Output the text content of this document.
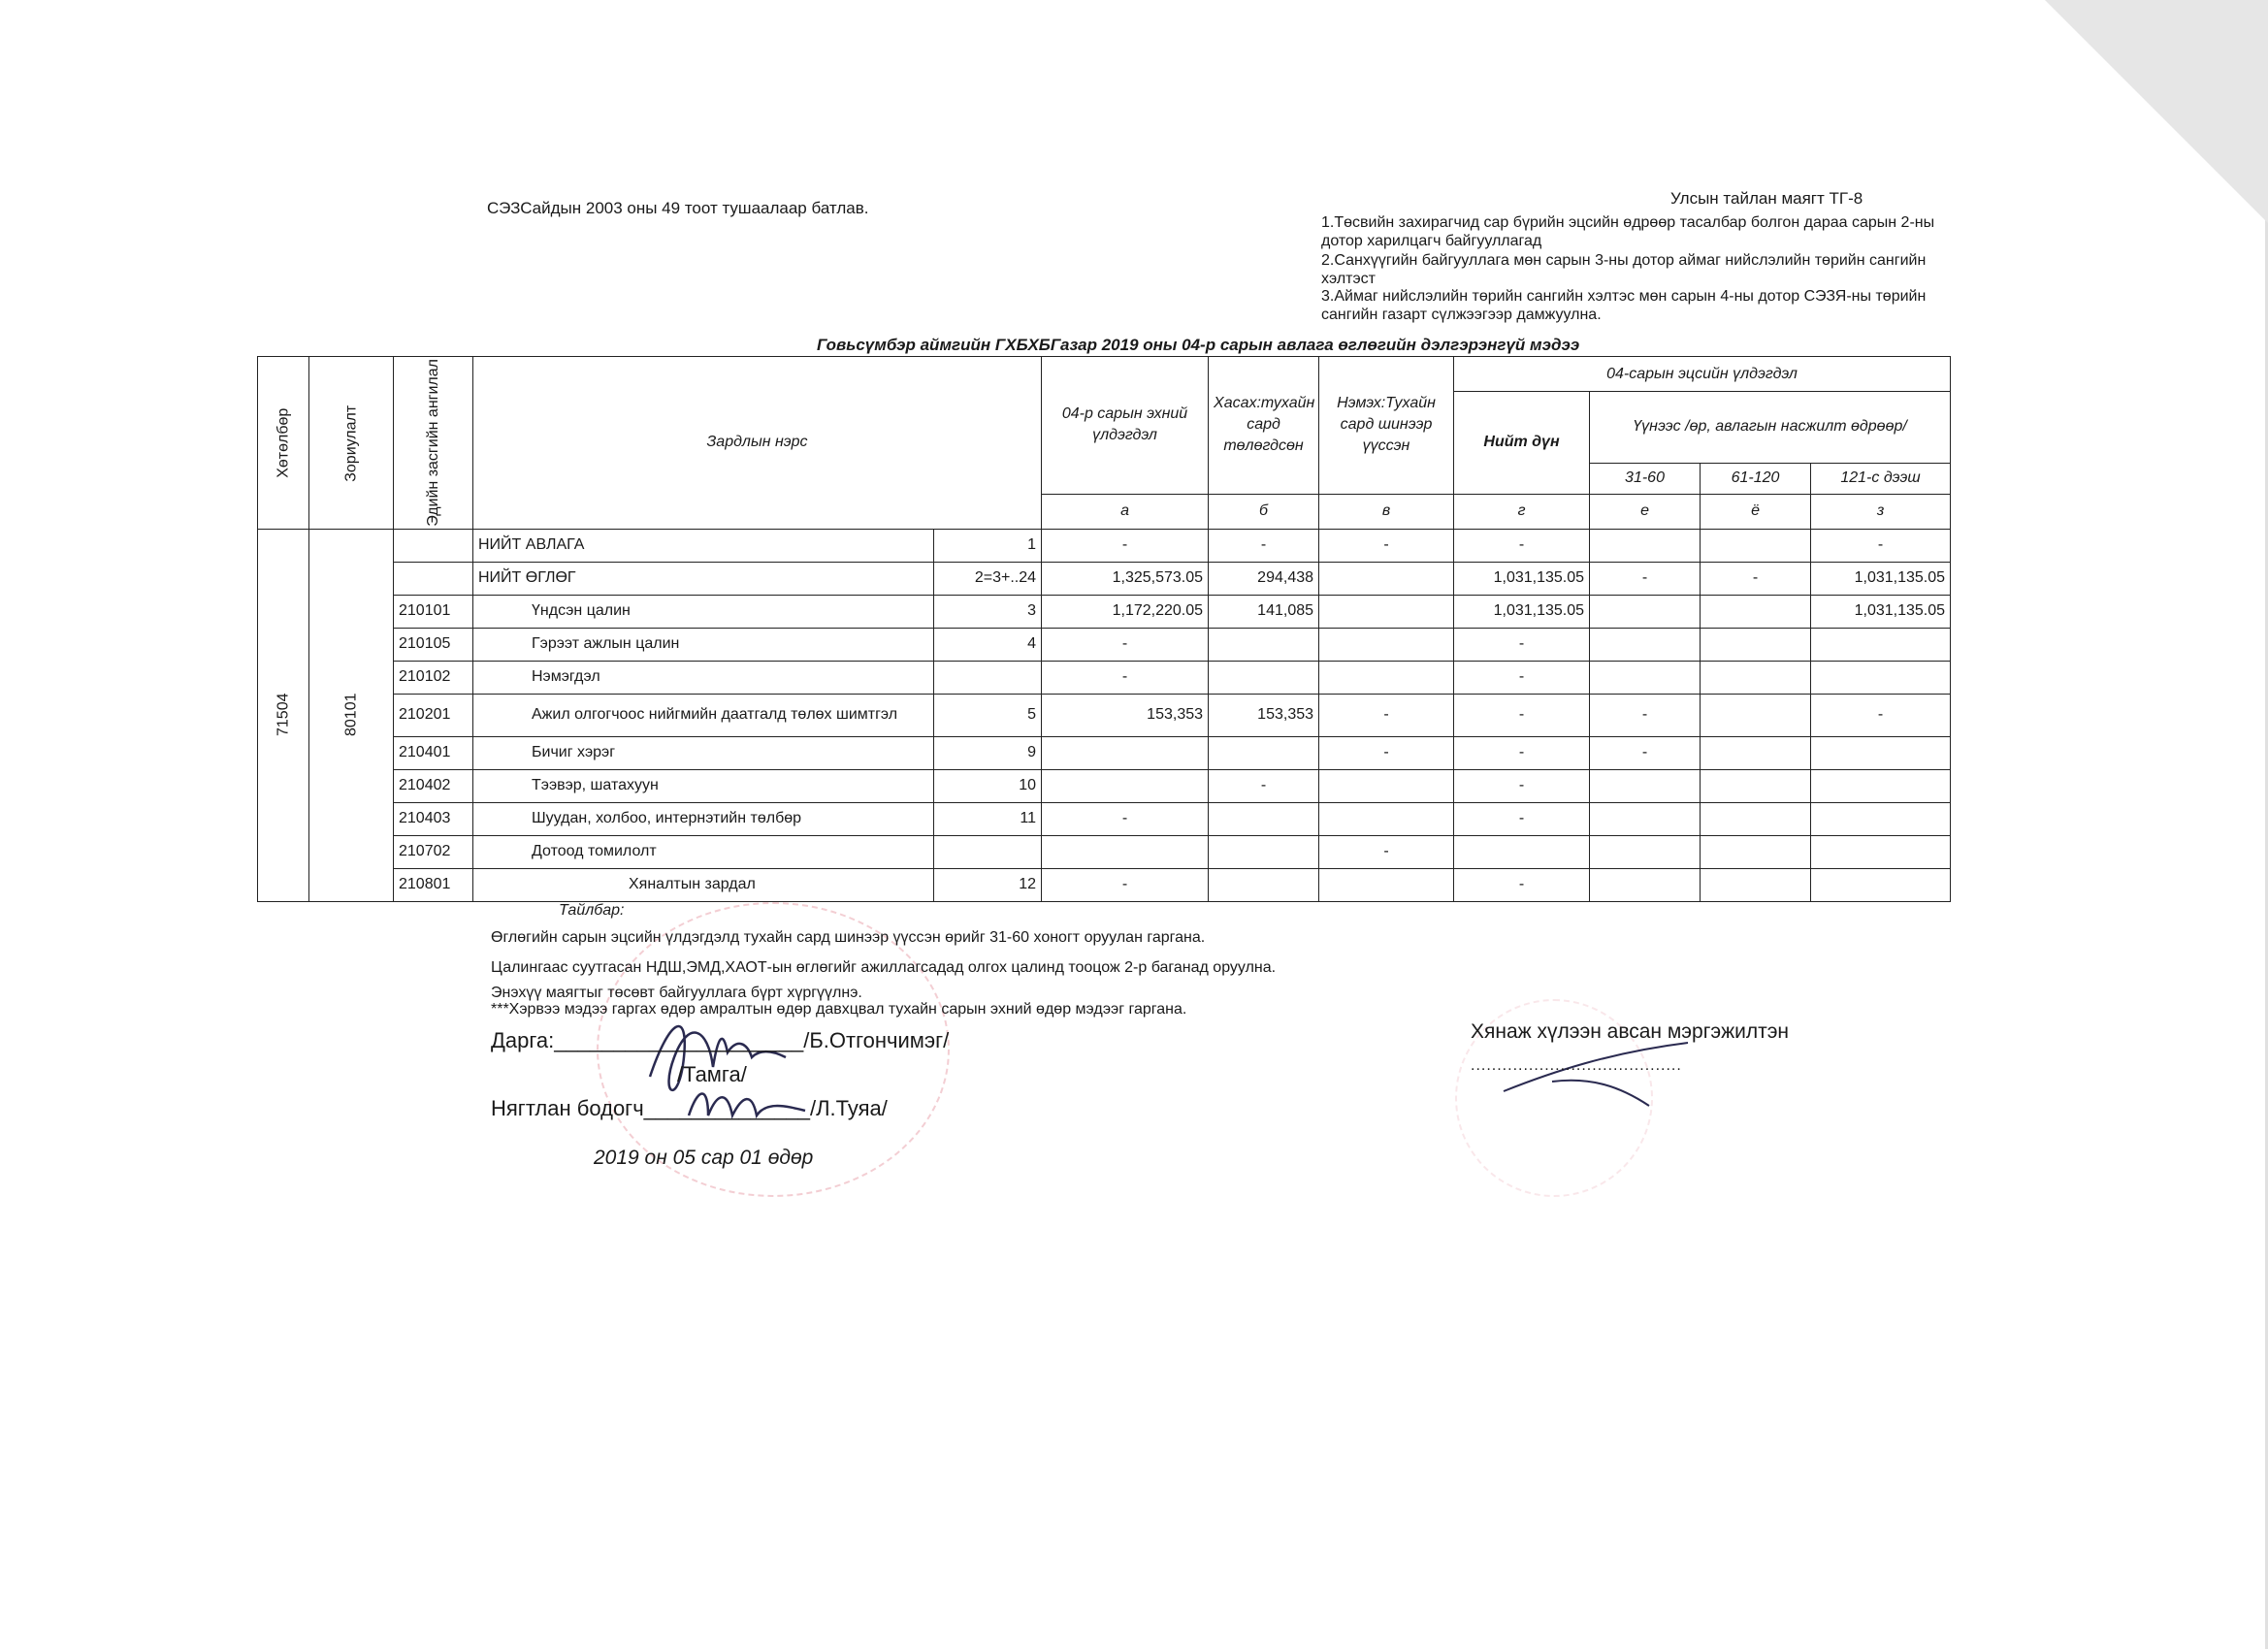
СЭЗСайдын 2003 оны 49 тоот тушаалаар батлав.
Улсын тайлан маягт ТГ-8
1.Төсвийн захирагчид сар бүрийн эцсийн өдрөөр тасалбар болгон дараа сарын 2-ны дотор харилцагч байгууллагад
2.Санхүүгийн байгууллага мөн сарын 3-ны дотор аймаг нийслэлийн төрийн сангийн хэлтэст
3.Аймаг нийслэлийн төрийн сангийн хэлтэс мөн сарын 4-ны дотор СЭЗЯ-ны төрийн сангийн газарт сүлжээгээр дамжуулна.
Говьсүмбэр аймгийн ГХБХБГазар 2019 оны 04-р сарын авлага өглөгийн дэлгэрэнгүй мэдээ
Хөтөлбөр	Зориулалт	Эдийн засгийн ангилал	Зардлын нэрс		04-р сарын эхний үлдэгдэл	Хасах:тухайн сард төлөгдсөн	Нэмэх:Тухайн сард шинээр үүссэн	04-сарын эцсийн үлдэгдэл			
								Нийт дүн	Үүнээс /өр, авлагын насжилт өдрөөр/		
									31-60	61-120	121-с дээш
					а	б	в	г	е	ё	з
71504	80101		НИЙТ АВЛАГА	1	-	-	-	-			-
			НИЙТ ӨГЛӨГ	2=3+..24	1,325,573.05	294,438		1,031,135.05	-	-	1,031,135.05
		210101	Үндсэн цалин	3	1,172,220.05	141,085		1,031,135.05			1,031,135.05
		210105	Гэрээт ажлын цалин	4	-			-			
		210102	Нэмэгдэл		-			-			
		210201	Ажил олгогчоос нийгмийн даатгалд төлөх шимтгэл	5	153,353	153,353	-	-	-		-
		210401	Бичиг хэрэг	9			-	-	-		
		210402	Тээвэр, шатахуун	10		-		-			
		210403	Шуудан, холбоо, интернэтийн төлбөр	11	-			-			
		210702	Дотоод томилолт				-				
		210801	Хяналтын зардал	12	-			-			
Тайлбар:
Өглөгийн сарын эцсийн үлдэгдэлд тухайн сард шинээр үүссэн өрийг 31-60 хоногт оруулан гаргана.
Цалингаас суутгасан НДШ,ЭМД,ХАОТ-ын өглөгийг ажиллагсадад олгох цалинд тооцож 2-р баганад оруулна.
Энэхүү маягтыг төсөвт байгууллага бүрт хүргүүлнэ.
***Хэрвээ мэдээ гаргах өдөр амралтын өдөр давхцвал тухайн сарын эхний өдөр мэдээг гаргана.
Дарга:_____________________/Б.Отгончимэг/
/Тамга/
Нягтлан бодогч______________/Л.Туяа/
2019 он 05 сар 01 өдөр
Хянаж хүлээн авсан мэргэжилтэн
........................................
